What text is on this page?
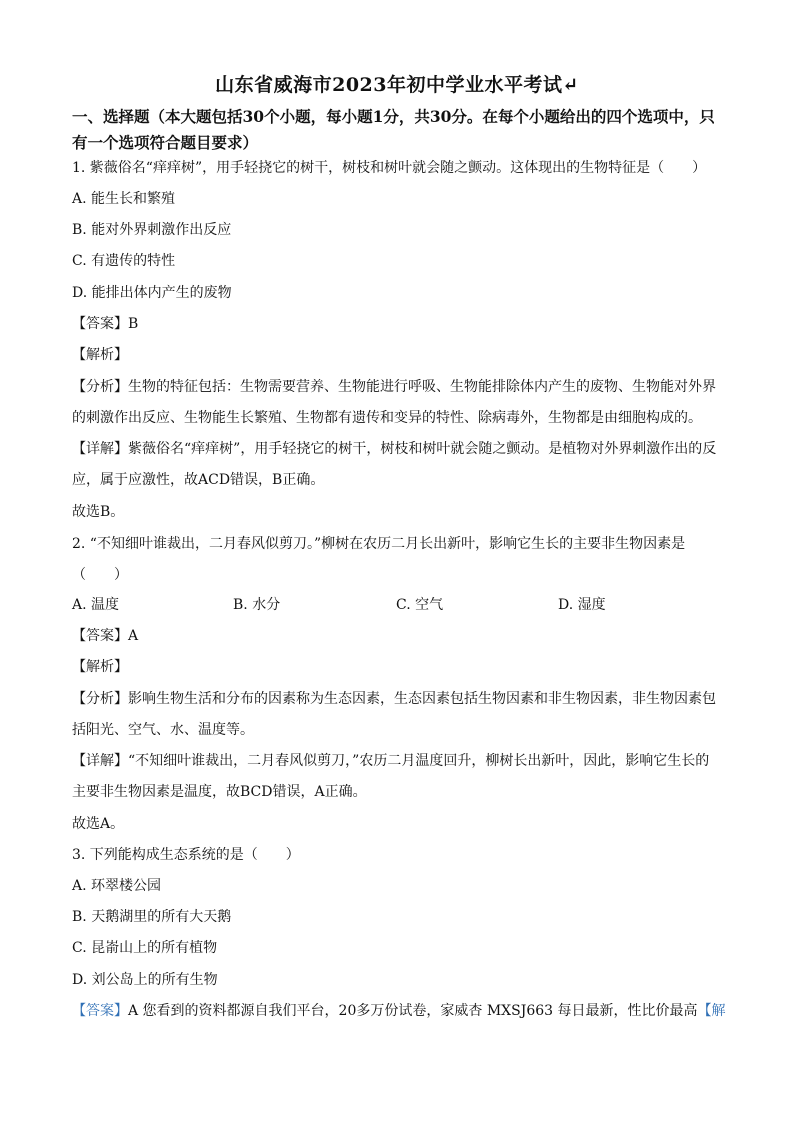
山东省威海市2023年初中学业水平考试↵
一、选择题（本大题包括30个小题，每小题1分，共30分。在每个小题给出的四个选项中，只有一个选项符合题目要求）
1. 紫薇俗名“痒痒树”，用手轻挠它的树干，树枝和树叶就会随之颤动。这体现出的生物特征是（　　）
A. 能生长和繁殖
B. 能对外界刺激作出反应
C. 有遗传的特性
D. 能排出体内产生的废物
【答案】B
【解析】
【分析】生物的特征包括：生物需要营养、生物能进行呼吸、生物能排除体内产生的废物、生物能对外界的刺激作出反应、生物能生长繁殖、生物都有遗传和变异的特性、除病毒外，生物都是由细胞构成的。
【详解】紫薇俗名“痒痒树”，用手轻挠它的树干，树枝和树叶就会随之颤动。是植物对外界刺激作出的反应，属于应激性，故ACD错误，B正确。
故选B。
2. “不知细叶谁裁出，二月春风似剪刀。”柳树在农历二月长出新叶，影响它生长的主要非生物因素是（　　）
A. 温度	B. 水分	C. 空气	D. 湿度
【答案】A
【解析】
【分析】影响生物生活和分布的因素称为生态因素，生态因素包括生物因素和非生物因素，非生物因素包括阳光、空气、水、温度等。
【详解】“不知细叶谁裁出，二月春风似剪刀，”农历二月温度回升，柳树长出新叶，因此，影响它生长的主要非生物因素是温度，故BCD错误，A正确。
故选A。
3. 下列能构成生态系统的是（　　）
A. 环翠楼公园
B. 天鹅湖里的所有大天鹅
C. 昆嵛山上的所有植物
D. 刘公岛上的所有生物
【答案】A 您看到的资料都源自我们平台，20多万份试卷，家威杏 MXSJ663 每日最新，性比价最高【解
